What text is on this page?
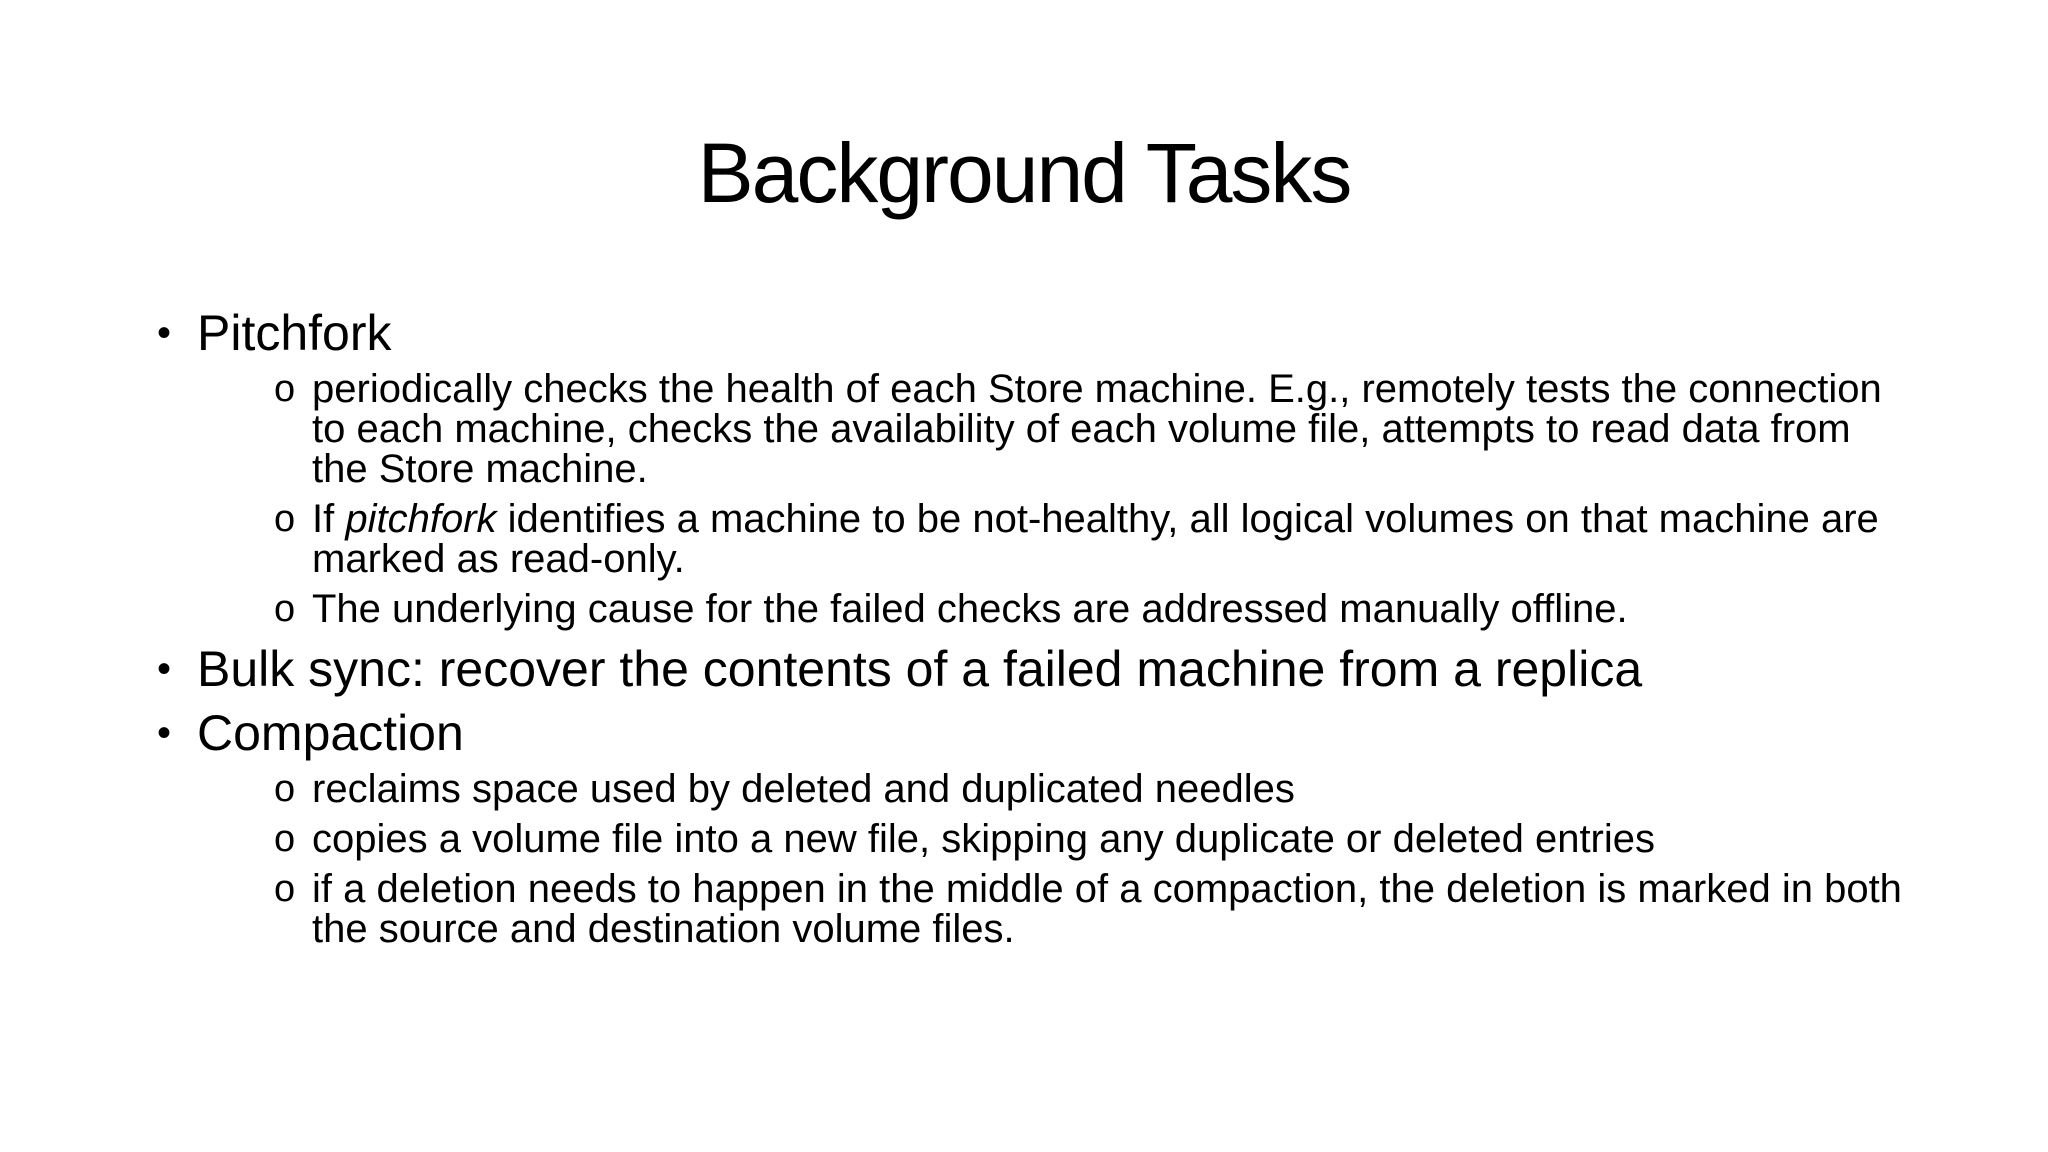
Background Tasks
• Pitchfork
o periodically checks the health of each Store machine. E.g., remotely tests the connection to each machine, checks the availability of each volume file, attempts to read data from the Store machine.
o If pitchfork identifies a machine to be not-healthy, all logical volumes on that machine are marked as read-only.
o The underlying cause for the failed checks are addressed manually offline.
• Bulk sync: recover the contents of a failed machine from a replica
• Compaction
o reclaims space used by deleted and duplicated needles
o copies a volume file into a new file, skipping any duplicate or deleted entries
o if a deletion needs to happen in the middle of a compaction, the deletion is marked in both the source and destination volume files.
